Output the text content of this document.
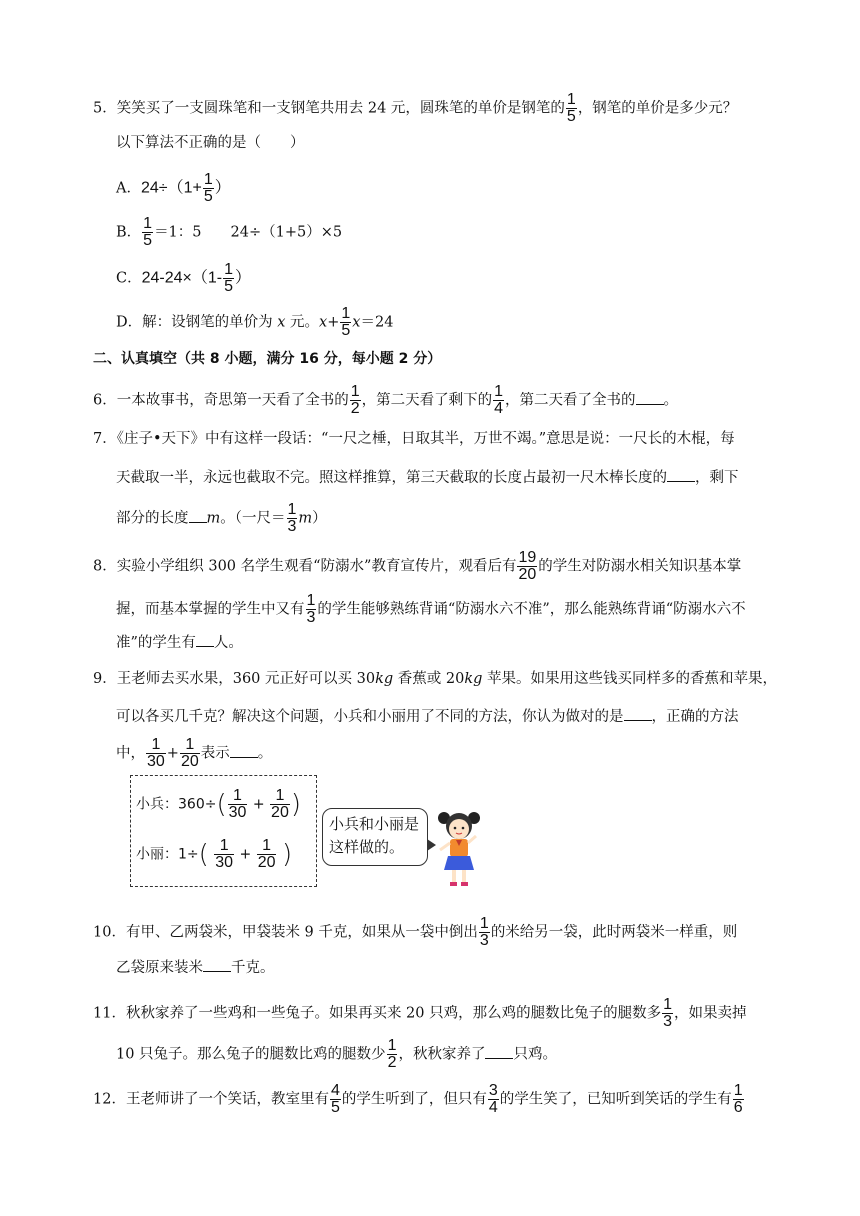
5．笑笑买了一支圆珠笔和一支钢笔共用去 24 元，圆珠笔的单价是钢笔的 $\frac{1}{5}$ ，钢笔的单价是多少元？
以下算法不正确的是（　　）
A．$24\div(1+ \frac{1}{5}$ ）
B． $\frac{1}{5} =1$：5　　24÷（1+5）×5
C．$24-24\times(1- \frac{1}{5}$ ）
D．解：设钢笔的单价为 x 元。$x+ \frac{1}{5} x=24$
二、认真填空（共 8 小题，满分 16 分，每小题 2 分）
6．一本故事书，奇思第一天看了全书的 $\frac{1}{2}$ ，第二天看了剩下的 $\frac{1}{4}$ ，第二天看了全书的 。
7．《庄子•天下》中有这样一段话：“一尺之棰，日取其半，万世不竭。”意思是说：一尺长的木棍，每
天截取一半，永远也截取不完。照这样推算，第三天截取的长度占最初一尺木棒长度的 ，剩下
部分的长度 m。（一尺＝ $\frac{1}{3} m$）
8．实验小学组织 300 名学生观看“防溺水”教育宣传片，观看后有 $\frac{19}{20}$ 的学生对防溺水相关知识基本掌
握，而基本掌握的学生中又有 $\frac{1}{3}$ 的学生能够熟练背诵“防溺水六不准”，那么能熟练背诵“防溺水六不
准”的学生有 人。
9．王老师去买水果，360 元正好可以买 30kg 香蕉或 20kg 苹果。如果用这些钱买同样多的香蕉和苹果，
可以各买几千克？解决这个问题，小兵和小丽用了不同的方法，你认为做对的是 ，正确的方法
中， $\frac{1}{30} + \frac{1}{20}$ 表示 。
小兵：$360\div( \frac{1}{30} + \frac{1}{20}$ )
小丽：$1\div( \frac{1}{30} + \frac{1}{20}$ )
小兵和小丽是这样做的。
10．有甲、乙两袋米，甲袋装米 9 千克，如果从一袋中倒出 $\frac{1}{3}$ 的米给另一袋，此时两袋米一样重，则
乙袋原来装米 千克。
11．秋秋家养了一些鸡和一些兔子。如果再买来 20 只鸡，那么鸡的腿数比兔子的腿数多 $\frac{1}{3}$ ，如果卖掉
10 只兔子。那么兔子的腿数比鸡的腿数少 $\frac{1}{2}$ ，秋秋家养了 只鸡。
12．王老师讲了一个笑话，教室里有 $\frac{4}{5}$ 的学生听到了，但只有 $\frac{3}{4}$ 的学生笑了，已知听到笑话的学生有 $\frac{1}{6}$
